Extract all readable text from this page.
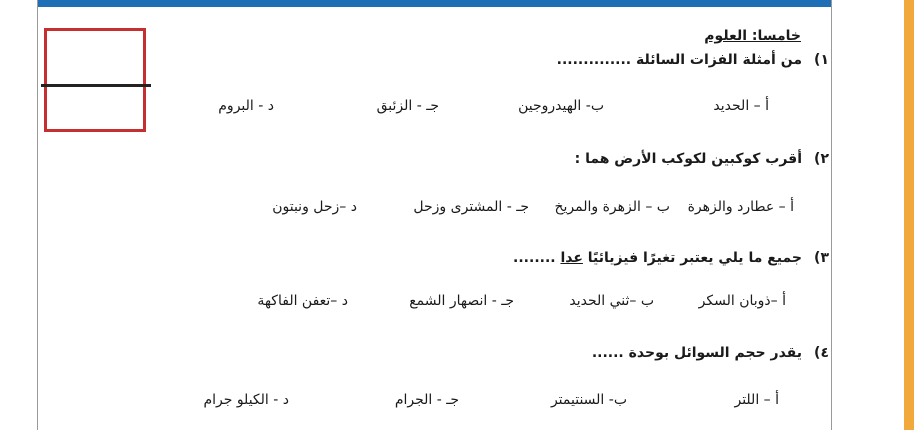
خامسا: العلوم
١)
من أمثلة الفزات السائلة ..............
أ – الحديد
ب- الهيدروجين
جـ - الزئبق
د - البروم
٢)
أقرب كوكبين لكوكب الأرض هما :
أ – عطارد والزهرة
ب – الزهرة والمريخ
جـ - المشترى وزحل
د –زحل ونبتون
٣)
جميع ما يلي يعتبر تغيرًا فيزيائيًا عدا ........
أ –ذوبان السكر
ب –ثني الحديد
جـ - انصهار الشمع
د –تعفن الفاكهة
٤)
يقدر حجم السوائل بوحدة ......
أ – اللتر
ب- السنتيمتر
جـ - الجرام
د - الكيلو جرام
